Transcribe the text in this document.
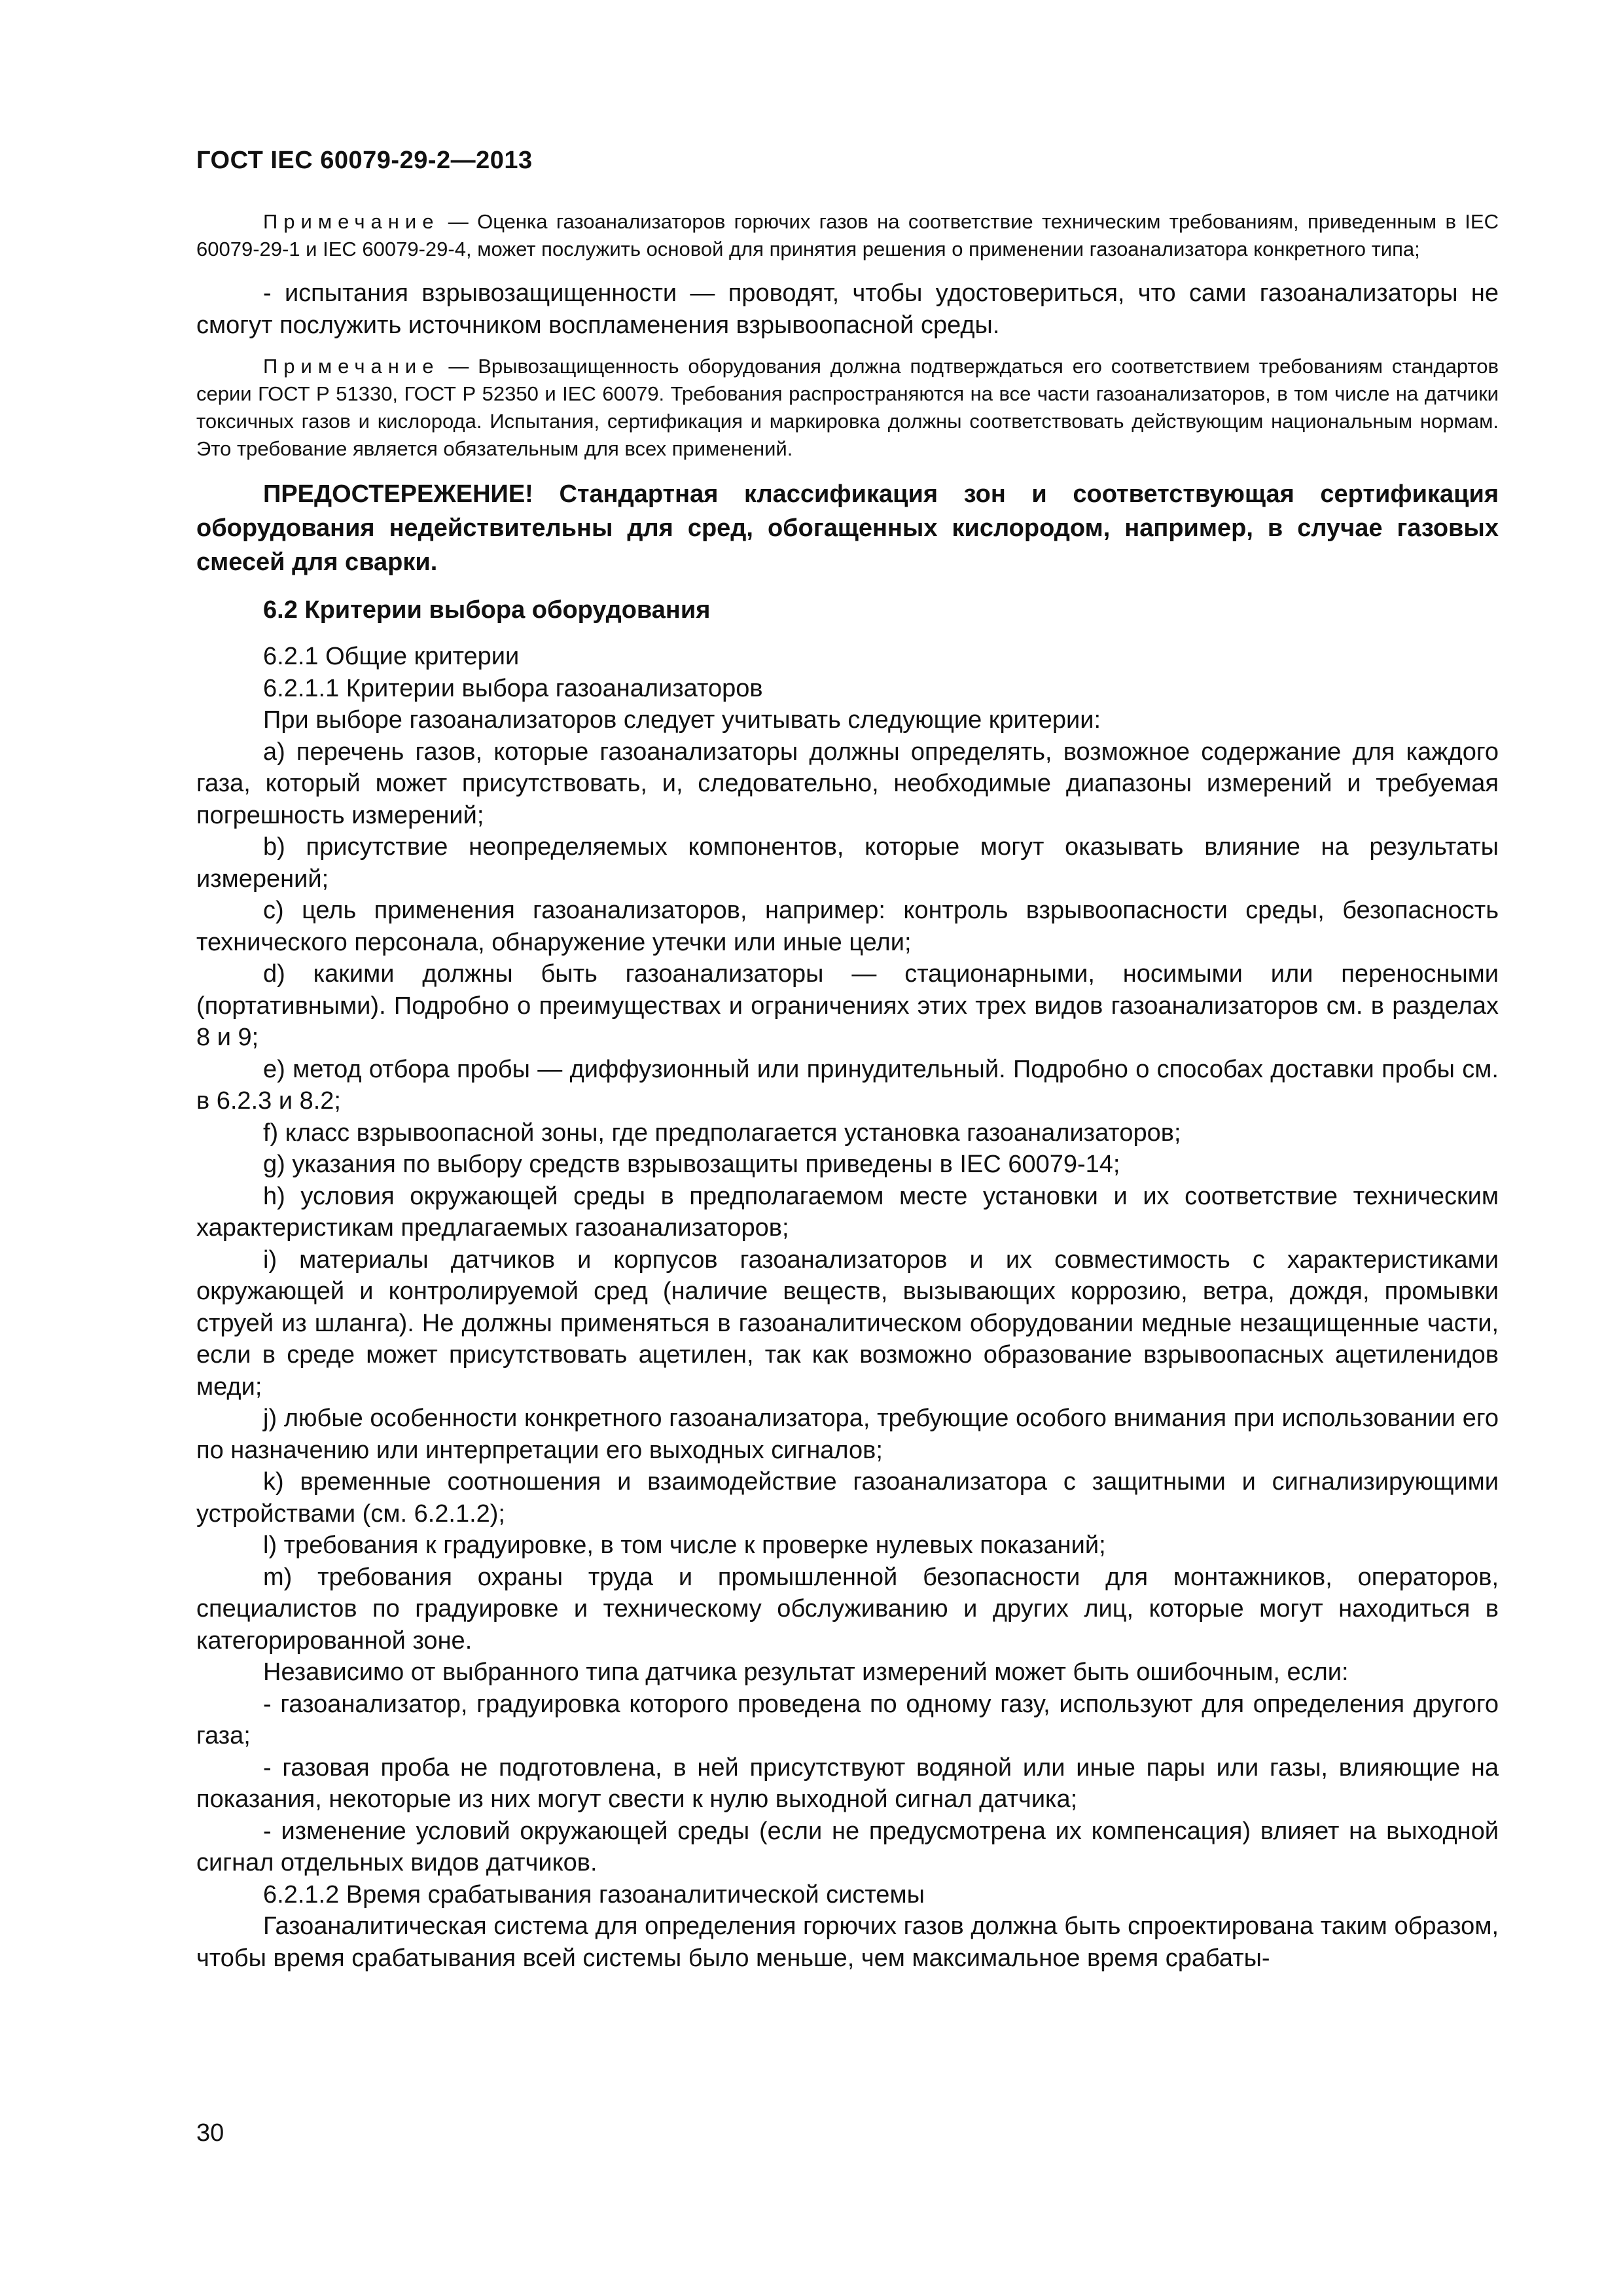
ГОСТ IEC 60079-29-2—2013

Примечание — Оценка газоанализаторов горючих газов на соответствие техническим требованиям, приведенным в IEC 60079-29-1 и IEC 60079-29-4, может послужить основой для принятия решения о применении газоанализатора конкретного типа;

- испытания взрывозащищенности — проводят, чтобы удостовериться, что сами газоанализаторы не смогут послужить источником воспламенения взрывоопасной среды.

Примечание — Врывозащищенность оборудования должна подтверждаться его соответствием требованиям стандартов серии ГОСТ Р 51330, ГОСТ Р 52350 и IEC 60079. Требования распространяются на все части газоанализаторов, в том числе на датчики токсичных газов и кислорода. Испытания, сертификация и маркировка должны соответствовать действующим национальным нормам. Это требование является обязательным для всех применений.

ПРЕДОСТЕРЕЖЕНИЕ! Стандартная классификация зон и соответствующая сертификация оборудования недействительны для сред, обогащенных кислородом, например, в случае газовых смесей для сварки.

6.2 Критерии выбора оборудования

6.2.1 Общие критерии

6.2.1.1 Критерии выбора газоанализаторов

При выборе газоанализаторов следует учитывать следующие критерии:

a) перечень газов, которые газоанализаторы должны определять, возможное содержание для каждого газа, который может присутствовать, и, следовательно, необходимые диапазоны измерений и требуемая погрешность измерений;

b) присутствие неопределяемых компонентов, которые могут оказывать влияние на результаты измерений;

c) цель применения газоанализаторов, например: контроль взрывоопасности среды, безопасность технического персонала, обнаружение утечки или иные цели;

d) какими должны быть газоанализаторы — стационарными, носимыми или переносными (портативными). Подробно о преимуществах и ограничениях этих трех видов газоанализаторов см. в разделах 8 и 9;

e) метод отбора пробы — диффузионный или принудительный. Подробно о способах доставки пробы см. в 6.2.3 и 8.2;

f) класс взрывоопасной зоны, где предполагается установка газоанализаторов;

g) указания по выбору средств взрывозащиты приведены в IEC 60079-14;

h) условия окружающей среды в предполагаемом месте установки и их соответствие техническим характеристикам предлагаемых газоанализаторов;

i) материалы датчиков и корпусов газоанализаторов и их совместимость с характеристиками окружающей и контролируемой сред (наличие веществ, вызывающих коррозию, ветра, дождя, промывки струей из шланга). Не должны применяться в газоаналитическом оборудовании медные незащищенные части, если в среде может присутствовать ацетилен, так как возможно образование взрывоопасных ацетиленидов меди;

j) любые особенности конкретного газоанализатора, требующие особого внимания при использовании его по назначению или интерпретации его выходных сигналов;

k) временные соотношения и взаимодействие газоанализатора с защитными и сигнализирующими устройствами (см. 6.2.1.2);

l) требования к градуировке, в том числе к проверке нулевых показаний;

m) требования охраны труда и промышленной безопасности для монтажников, операторов, специалистов по градуировке и техническому обслуживанию и других лиц, которые могут находиться в категорированной зоне.

Независимо от выбранного типа датчика результат измерений может быть ошибочным, если:

- газоанализатор, градуировка которого проведена по одному газу, используют для определения другого газа;

- газовая проба не подготовлена, в ней присутствуют водяной или иные пары или газы, влияющие на показания, некоторые из них могут свести к нулю выходной сигнал датчика;

- изменение условий окружающей среды (если не предусмотрена их компенсация) влияет на выходной сигнал отдельных видов датчиков.

6.2.1.2 Время срабатывания газоаналитической системы

Газоаналитическая система для определения горючих газов должна быть спроектирована таким образом, чтобы время срабатывания всей системы было меньше, чем максимальное время срабаты-

30
